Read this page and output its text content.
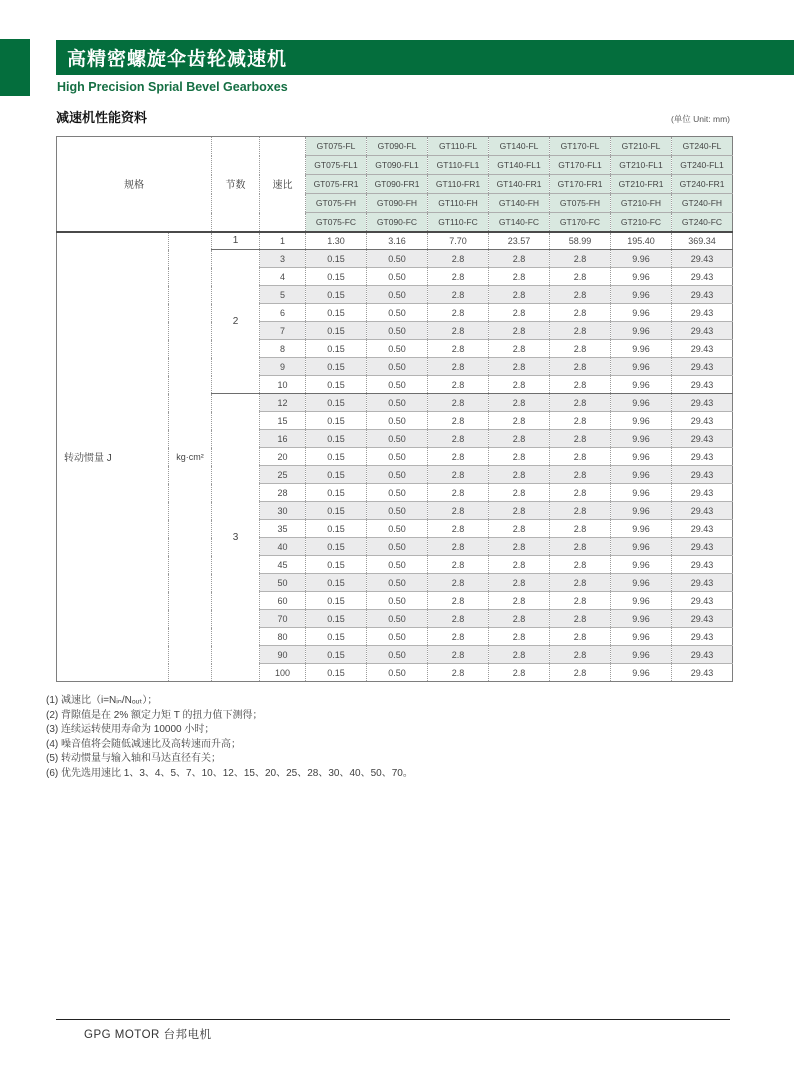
高精密螺旋伞齿轮减速机
High Precision Sprial Bevel Gearboxes
减速机性能资料	(单位 Unit: mm)
规格		节数	速比	GT075-FL	GT090-FL	GT110-FL	GT140-FL	GT170-FL	GT210-FL	GT240-FL
				GT075-FL1	GT090-FL1	GT110-FL1	GT140-FL1	GT170-FL1	GT210-FL1	GT240-FL1
				GT075-FR1	GT090-FR1	GT110-FR1	GT140-FR1	GT170-FR1	GT210-FR1	GT240-FR1
				GT075-FH	GT090-FH	GT110-FH	GT140-FH	GT075-FH	GT210-FH	GT240-FH
				GT075-FC	GT090-FC	GT110-FC	GT140-FC	GT170-FC	GT210-FC	GT240-FC
转动惯量 J	kg·cm²	1	1	1.30	3.16	7.70	23.57	58.99	195.40	369.34
		2	3	0.15	0.50	2.8	2.8	2.8	9.96	29.43
			4	0.15	0.50	2.8	2.8	2.8	9.96	29.43
			5	0.15	0.50	2.8	2.8	2.8	9.96	29.43
			6	0.15	0.50	2.8	2.8	2.8	9.96	29.43
			7	0.15	0.50	2.8	2.8	2.8	9.96	29.43
			8	0.15	0.50	2.8	2.8	2.8	9.96	29.43
			9	0.15	0.50	2.8	2.8	2.8	9.96	29.43
			10	0.15	0.50	2.8	2.8	2.8	9.96	29.43
		3	12	0.15	0.50	2.8	2.8	2.8	9.96	29.43
			15	0.15	0.50	2.8	2.8	2.8	9.96	29.43
			16	0.15	0.50	2.8	2.8	2.8	9.96	29.43
			20	0.15	0.50	2.8	2.8	2.8	9.96	29.43
			25	0.15	0.50	2.8	2.8	2.8	9.96	29.43
			28	0.15	0.50	2.8	2.8	2.8	9.96	29.43
			30	0.15	0.50	2.8	2.8	2.8	9.96	29.43
			35	0.15	0.50	2.8	2.8	2.8	9.96	29.43
			40	0.15	0.50	2.8	2.8	2.8	9.96	29.43
			45	0.15	0.50	2.8	2.8	2.8	9.96	29.43
			50	0.15	0.50	2.8	2.8	2.8	9.96	29.43
			60	0.15	0.50	2.8	2.8	2.8	9.96	29.43
			70	0.15	0.50	2.8	2.8	2.8	9.96	29.43
			80	0.15	0.50	2.8	2.8	2.8	9.96	29.43
			90	0.15	0.50	2.8	2.8	2.8	9.96	29.43
			100	0.15	0.50	2.8	2.8	2.8	9.96	29.43
(1) 减速比（i=Nᵢₙ/Nₒᵤₜ）；
(2) 背隙值是在 2% 额定力矩 T 的扭力值下测得；
(3) 连续运转使用寿命为 10000 小时；
(4) 噪音值将会随低减速比及高转速而升高；
(5) 转动惯量与输入轴和马达直径有关；
(6) 优先选用速比 1、3、4、5、7、10、12、15、20、25、28、30、40、50、70。
GPG MOTOR 台邦电机
